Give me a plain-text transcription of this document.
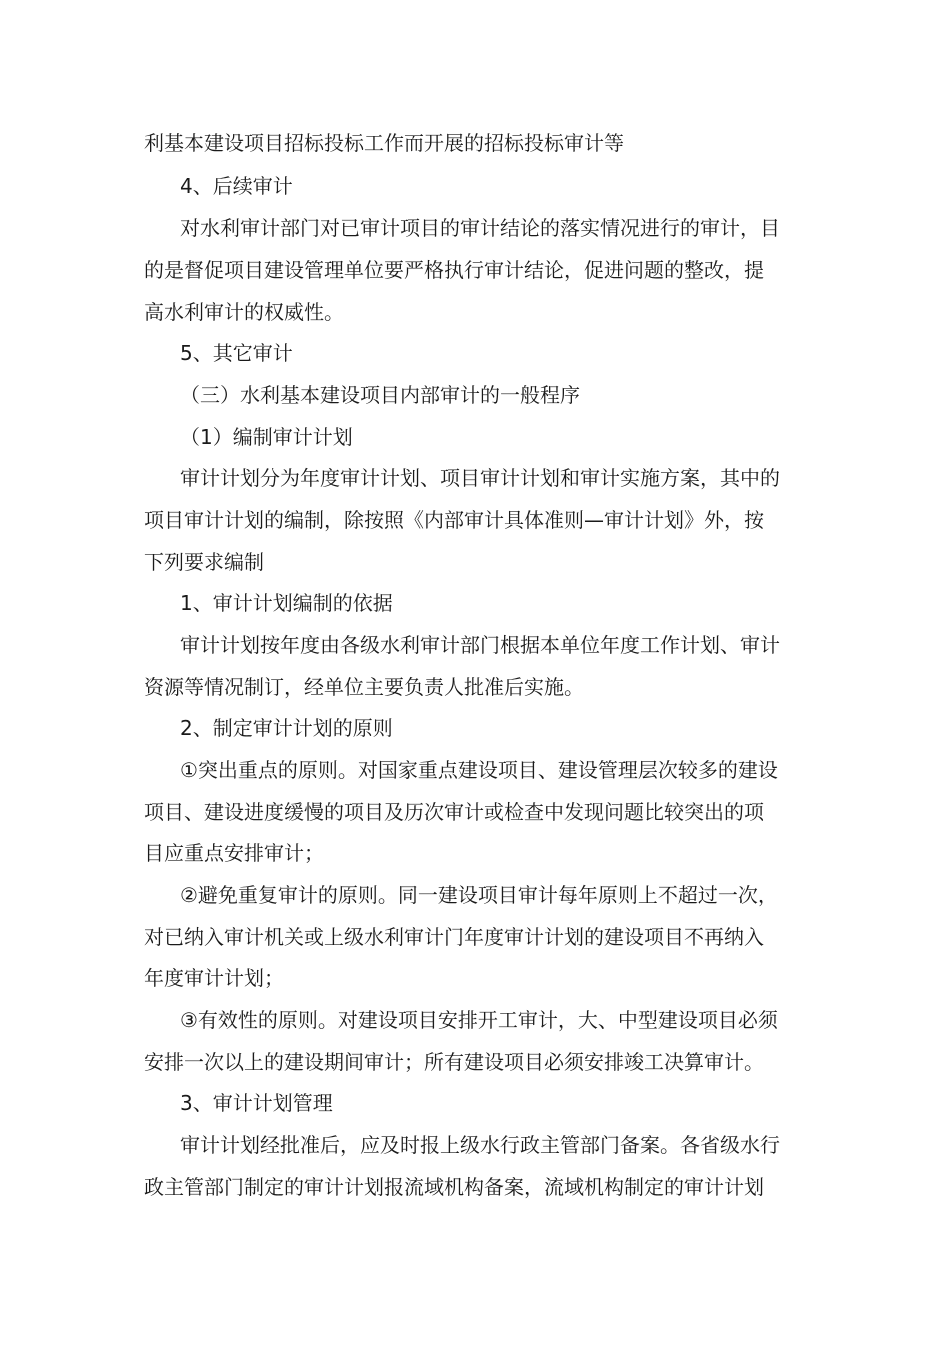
利基本建设项目招标投标工作而开展的招标投标审计等

4、后续审计

对水利审计部门对已审计项目的审计结论的落实情况进行的审计，目

的是督促项目建设管理单位要严格执行审计结论，促进问题的整改，提

高水利审计的权威性。

5、其它审计

（三）水利基本建设项目内部审计的一般程序

（1）编制审计计划

审计计划分为年度审计计划、项目审计计划和审计实施方案，其中的

项目审计计划的编制，除按照《内部审计具体准则—审计计划》外，按

下列要求编制

1、审计计划编制的依据

审计计划按年度由各级水利审计部门根据本单位年度工作计划、审计

资源等情况制订，经单位主要负责人批准后实施。

2、制定审计计划的原则

①突出重点的原则。对国家重点建设项目、建设管理层次较多的建设

项目、建设进度缓慢的项目及历次审计或检查中发现问题比较突出的项

目应重点安排审计；

②避免重复审计的原则。同一建设项目审计每年原则上不超过一次，

对已纳入审计机关或上级水利审计门年度审计计划的建设项目不再纳入

年度审计计划；

③有效性的原则。对建设项目安排开工审计，大、中型建设项目必须

安排一次以上的建设期间审计；所有建设项目必须安排竣工决算审计。

3、审计计划管理

审计计划经批准后，应及时报上级水行政主管部门备案。各省级水行

政主管部门制定的审计计划报流域机构备案，流域机构制定的审计计划
